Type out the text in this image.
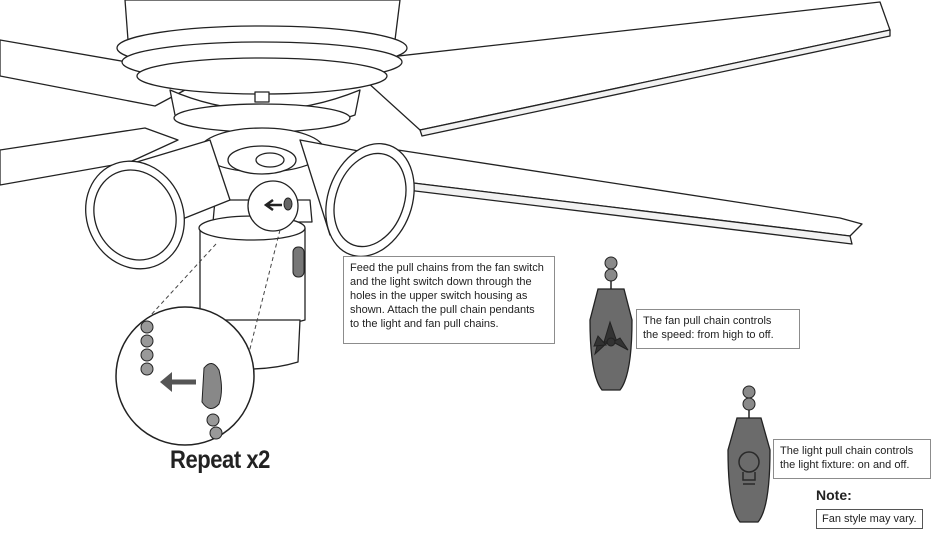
Feed the pull chains from the fan switch
and the light switch down through the
holes in the upper switch housing as
shown. Attach the pull chain pendants
to the light and fan pull chains.	The fan pull chain controls
the speed: from high to off.
The light pull chain controls
the light fixture: on and off.
Repeat x2
Note:
Fan style may vary.
